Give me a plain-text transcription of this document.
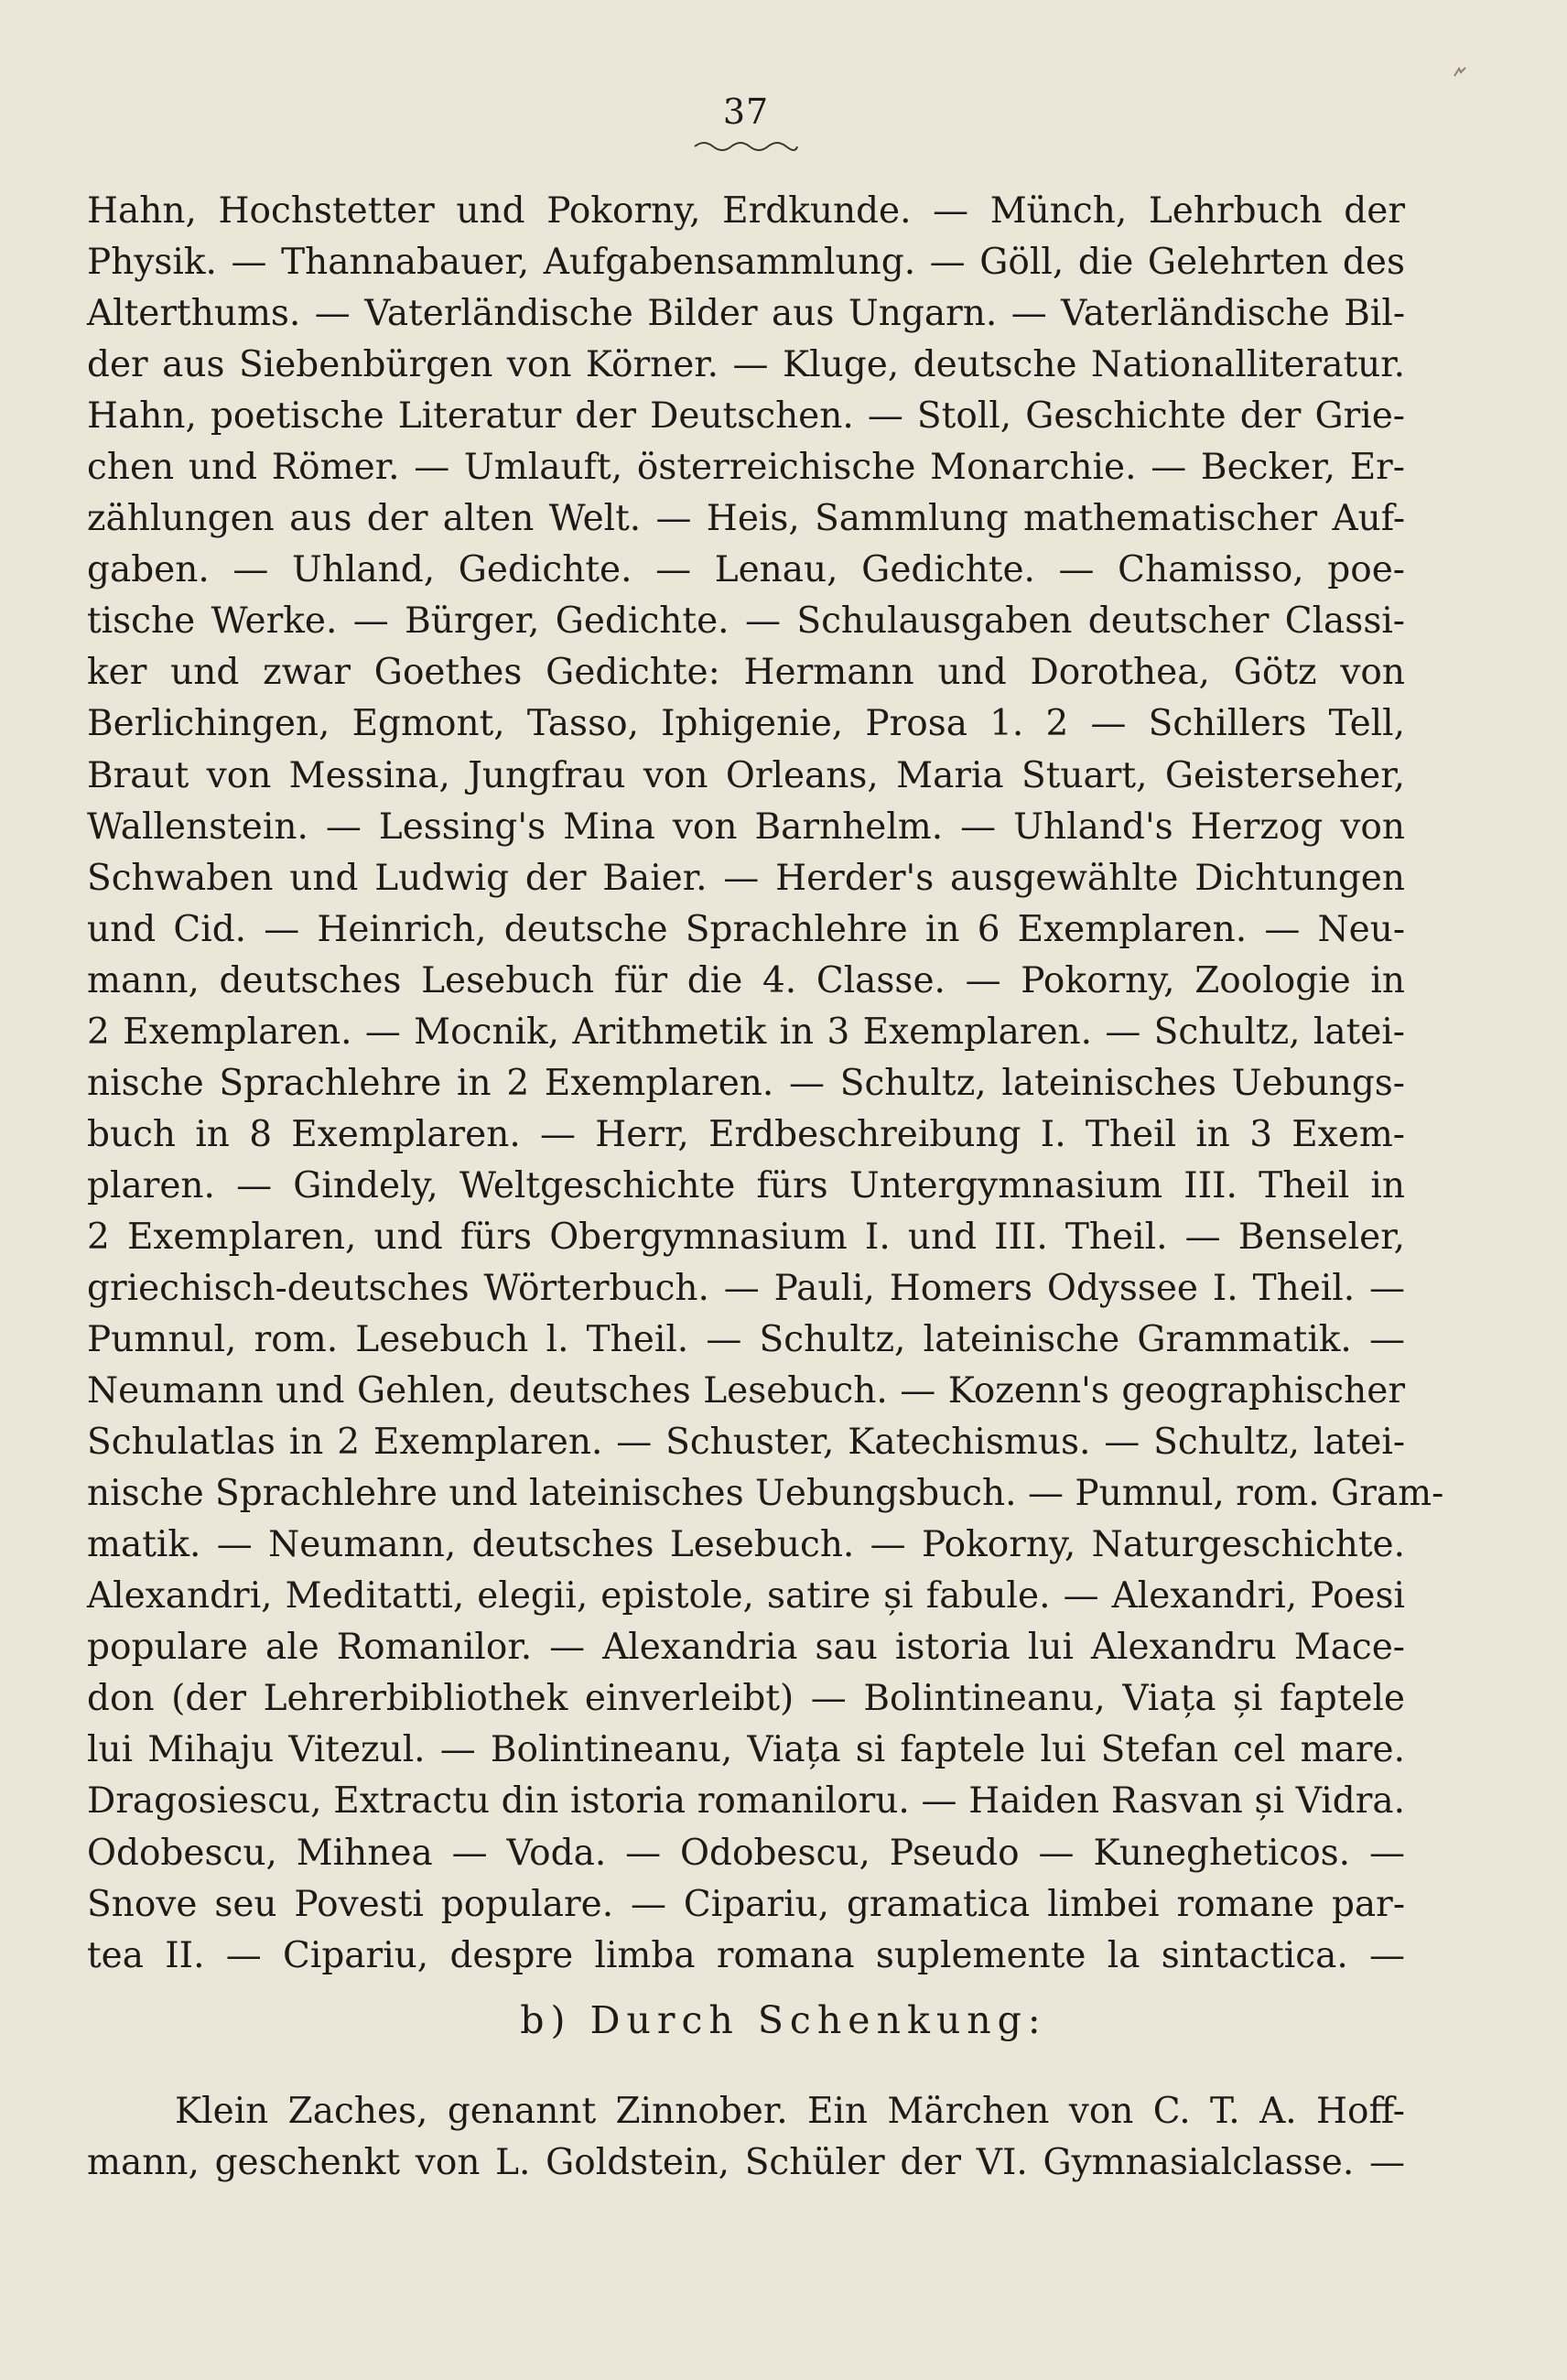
37
Hahn, Hochstetter und Pokorny, Erdkunde. — Münch, Lehrbuch der
Physik. — Thannabauer, Aufgabensammlung. — Göll, die Gelehrten des
Alterthums. — Vaterländische Bilder aus Ungarn. — Vaterländische Bil-
der aus Siebenbürgen von Körner. — Kluge, deutsche Nationalliteratur.
Hahn, poetische Literatur der Deutschen. — Stoll, Geschichte der Grie-
chen und Römer. — Umlauft, österreichische Monarchie. — Becker, Er-
zählungen aus der alten Welt. — Heis, Sammlung mathematischer Auf-
gaben. — Uhland, Gedichte. — Lenau, Gedichte. — Chamisso, poe-
tische Werke. — Bürger, Gedichte. — Schulausgaben deutscher Classi-
ker und zwar Goethes Gedichte: Hermann und Dorothea, Götz von
Berlichingen, Egmont, Tasso, Iphigenie, Prosa 1. 2 — Schillers Tell,
Braut von Messina, Jungfrau von Orleans, Maria Stuart, Geisterseher,
Wallenstein. — Lessing's Mina von Barnhelm. — Uhland's Herzog von
Schwaben und Ludwig der Baier. — Herder's ausgewählte Dichtungen
und Cid. — Heinrich, deutsche Sprachlehre in 6 Exemplaren. — Neu-
mann, deutsches Lesebuch für die 4. Classe. — Pokorny, Zoologie in
2 Exemplaren. — Mocnik, Arithmetik in 3 Exemplaren. — Schultz, latei-
nische Sprachlehre in 2 Exemplaren. — Schultz, lateinisches Uebungs-
buch in 8 Exemplaren. — Herr, Erdbeschreibung I. Theil in 3 Exem-
plaren. — Gindely, Weltgeschichte fürs Untergymnasium III. Theil in
2 Exemplaren, und fürs Obergymnasium I. und III. Theil. — Benseler,
griechisch-deutsches Wörterbuch. — Pauli, Homers Odyssee I. Theil. —
Pumnul, rom. Lesebuch l. Theil. — Schultz, lateinische Grammatik. —
Neumann und Gehlen, deutsches Lesebuch. — Kozenn's geographischer
Schulatlas in 2 Exemplaren. — Schuster, Katechismus. — Schultz, latei-
nische Sprachlehre und lateinisches Uebungsbuch. — Pumnul, rom. Gram-
matik. — Neumann, deutsches Lesebuch. — Pokorny, Naturgeschichte.
Alexandri, Meditatti, elegii, epistole, satire și fabule. — Alexandri, Poesi
populare ale Romanilor. — Alexandria sau istoria lui Alexandru Mace-
don (der Lehrerbibliothek einverleibt) — Bolintineanu, Viața și faptele
lui Mihaju Vitezul. — Bolintineanu, Viața si faptele lui Stefan cel mare.
Dragosiescu, Extractu din istoria romaniloru. — Haiden Rasvan și Vidra.
Odobescu, Mihnea — Voda. — Odobescu, Pseudo — Kunegheticos. —
Snove seu Povesti populare. — Cipariu, gramatica limbei romane par-
tea II. — Cipariu, despre limba romana suplemente la sintactica. —
b) Durch Schenkung:
Klein Zaches, genannt Zinnober. Ein Märchen von C. T. A. Hoff-
mann, geschenkt von L. Goldstein, Schüler der VI. Gymnasialclasse. —
